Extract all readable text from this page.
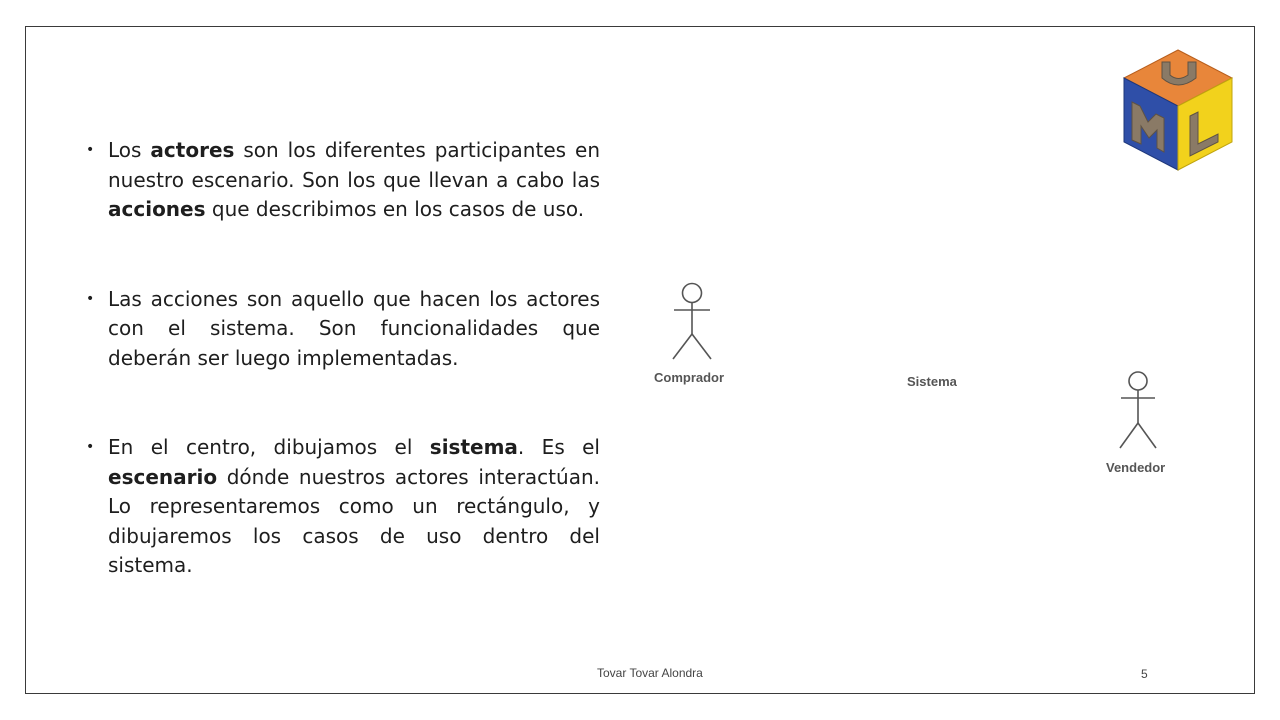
• Los actores son los diferentes participantes en nuestro escenario. Son los que llevan a cabo las acciones que describimos en los casos de uso.
• Las acciones son aquello que hacen los actores con el sistema. Son funcionalidades que deberán ser luego implementadas.
• En el centro, dibujamos el sistema. Es el escenario dónde nuestros actores interactúan. Lo representaremos como un rectángulo, y dibujaremos los casos de uso dentro del sistema.
Comprador	Sistema
Vendedor
Tovar Tovar Alondra	5
